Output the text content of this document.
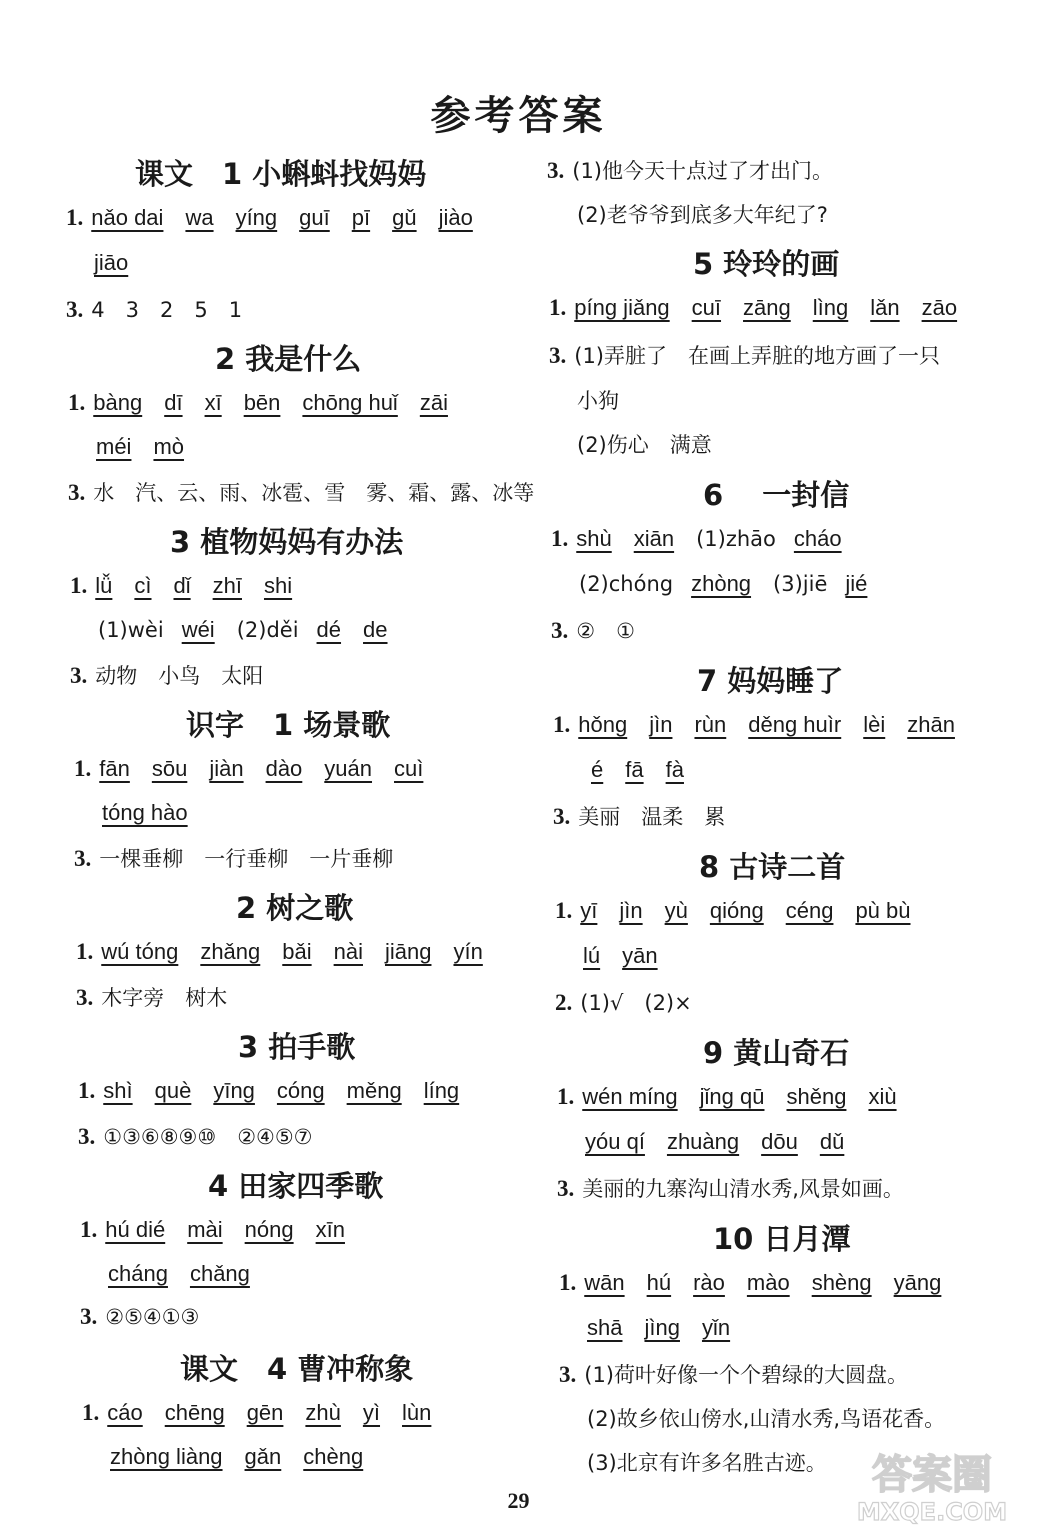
参考答案
课文　1 小蝌蚪找妈妈
1. nǎo dai wa yíng guī pī gǔ jiào
jiāo
3. 4　3　2　5　1
2 我是什么
1. bàng dī xī bēn chōng huǐ zāi
méi mò
3. 水　汽、云、雨、冰雹、雪　雾、霜、露、冰等
3 植物妈妈有办法
1. lǚ cì dǐ zhī shi
(1)wèi wéi (2)děi dé de
3. 动物　小鸟　太阳
识字　1 场景歌
1. fān sōu jiàn dào yuán cuì
tóng hào
3. 一棵垂柳　一行垂柳　一片垂柳
2 树之歌
1. wú tóng zhǎng bǎi nài jiāng yín
3. 木字旁　树木
3 拍手歌
1. shì què yīng cóng měng líng
3. ①③⑥⑧⑨⑩　②④⑤⑦
4 田家四季歌
1. hú dié mài nóng xīn
cháng chǎng
3. ②⑤④①③
课文　4 曹冲称象
1. cáo chēng gēn zhù yì lùn
zhòng liàng gǎn chèng
3. (1)他今天十点过了才出门。
(2)老爷爷到底多大年纪了?
5 玲玲的画
1. píng jiǎng cuī zāng lìng lǎn zāo
3. (1)弄脏了　在画上弄脏的地方画了一只
小狗
(2)伤心　满意
6 　一封信
1. shù xiān (1)zhāo cháo
(2)chóng zhòng (3)jiē jié
3. ②　①
7 妈妈睡了
1. hǒng jìn rùn děng huìr lèi zhān
é fā fà
3. 美丽　温柔　累
8 古诗二首
1. yī jìn yù qióng céng pù bù
lú yān
2. (1)√　(2)×
9 黄山奇石
1. wén míng jǐng qū shěng xiù
yóu qí zhuàng dōu dǔ
3. 美丽的九寨沟山清水秀,风景如画。
10 日月潭
1. wān hú rào mào shèng yāng
shā jìng yǐn
3. (1)荷叶好像一个个碧绿的大圆盘。
(2)故乡依山傍水,山清水秀,鸟语花香。
(3)北京有许多名胜古迹。	答案圈
MXQE.COM
29
